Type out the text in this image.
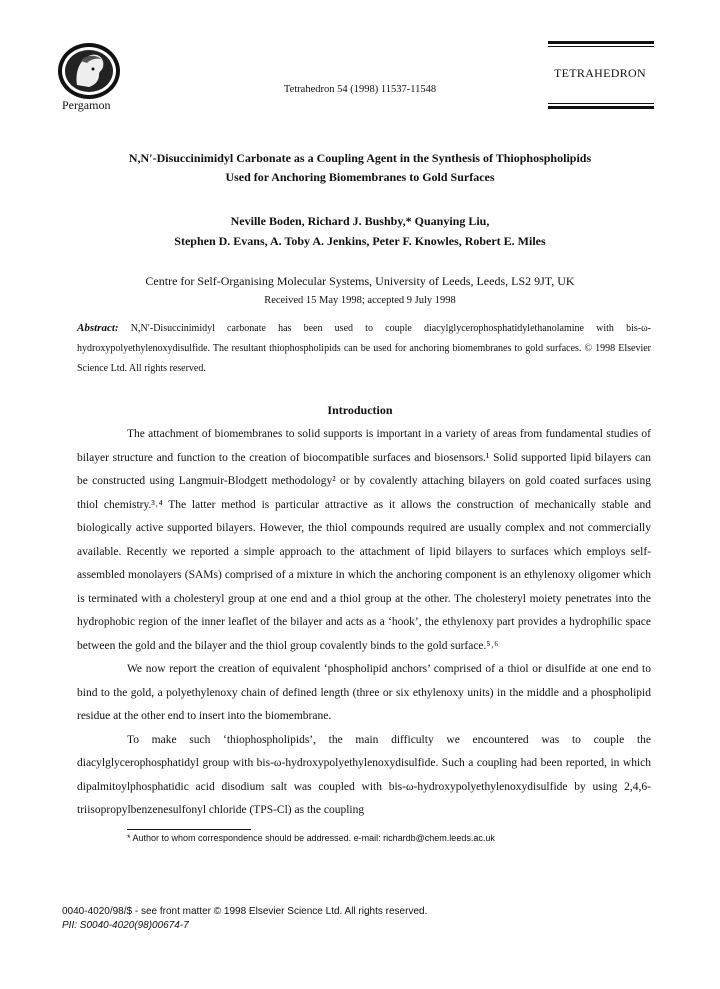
Pergamon
Tetrahedron 54 (1998) 11537-11548
TETRAHEDRON
N,N′-Disuccinimidyl Carbonate as a Coupling Agent in the Synthesis of Thiophospholipids
Used for Anchoring Biomembranes to Gold Surfaces
Neville Boden, Richard J. Bushby,* Quanying Liu,
Stephen D. Evans, A. Toby A. Jenkins, Peter F. Knowles, Robert E. Miles
Centre for Self-Organising Molecular Systems, University of Leeds, Leeds, LS2 9JT, UK
Received 15 May 1998; accepted 9 July 1998
Abstract: N,N′-Disuccinimidyl carbonate has been used to couple diacylglycerophosphatidylethanolamine with bis-ω-hydroxypolyethylenoxydisulfide. The resultant thiophospholipids can be used for anchoring biomembranes to gold surfaces. © 1998 Elsevier Science Ltd. All rights reserved.
Introduction

The attachment of biomembranes to solid supports is important in a variety of areas from fundamental studies of bilayer structure and function to the creation of biocompatible surfaces and biosensors.¹ Solid supported lipid bilayers can be constructed using Langmuir-Blodgett methodology² or by covalently attaching bilayers on gold coated surfaces using thiol chemistry.³˒⁴ The latter method is particular attractive as it allows the construction of mechanically stable and biologically active supported bilayers. However, the thiol compounds required are usually complex and not commercially available. Recently we reported a simple approach to the attachment of lipid bilayers to surfaces which employs self-assembled monolayers (SAMs) comprised of a mixture in which the anchoring component is an ethylenoxy oligomer which is terminated with a cholesteryl group at one end and a thiol group at the other. The cholesteryl moiety penetrates into the hydrophobic region of the inner leaflet of the bilayer and acts as a ‘hook’, the ethylenoxy part provides a hydrophilic space between the gold and the bilayer and the thiol group covalently binds to the gold surface.⁵˒⁶

We now report the creation of equivalent ‘phospholipid anchors’ comprised of a thiol or disulfide at one end to bind to the gold, a polyethylenoxy chain of defined length (three or six ethylenoxy units) in the middle and a phospholipid residue at the other end to insert into the biomembrane.

To make such ‘thiophospholipids’, the main difficulty we encountered was to couple the diacylglycerophosphatidyl group with bis-ω-hydroxypolyethylenoxydisulfide. Such a coupling had been reported, in which dipalmitoylphosphatidic acid disodium salt was coupled with bis-ω-hydroxypolyethylenoxydisulfide by using 2,4,6-triisopropylbenzenesulfonyl chloride (TPS-Cl) as the coupling

* Author to whom correspondence should be addressed. e-mail: richardb@chem.leeds.ac.uk
0040-4020/98/$ - see front matter © 1998 Elsevier Science Ltd. All rights reserved.
PII: S0040-4020(98)00674-7
